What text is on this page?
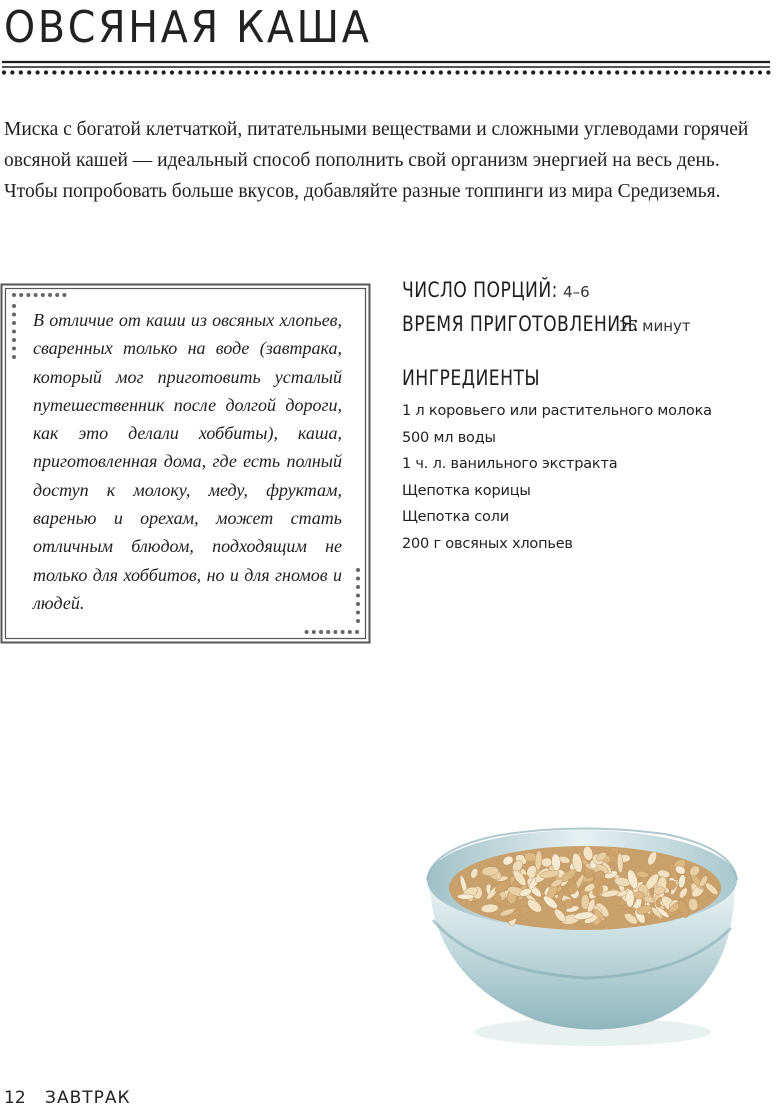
ОВСЯНАЯ КАША

Миска с богатой клетчаткой, питательными веществами и сложными углеводами горячей овсяной кашей — идеальный способ пополнить свой организм энергией на весь день. Чтобы попробовать больше вкусов, добавляйте разные топпинги из мира Средиземья.

В отличие от каши из овсяных хлопьев, сваренных только на воде (завтрака, который мог приготовить усталый путешественник после долгой дороги, как это делали хоббиты), каша, приготовленная дома, где есть полный доступ к молоку, меду, фруктам, варенью и орехам, может стать отличным блюдом, подходящим не только для хоббитов, но и для гномов и людей.

ЧИСЛО ПОРЦИЙ: 4–6
ВРЕМЯ ПРИГОТОВЛЕНИЯ: 15 минут
ИНГРЕДИЕНТЫ
1 л коровьего или растительного молока
500 мл воды
1 ч. л. ванильного экстракта
Щепотка корицы
Щепотка соли
200 г овсяных хлопьев
12 ЗАВТРАК
